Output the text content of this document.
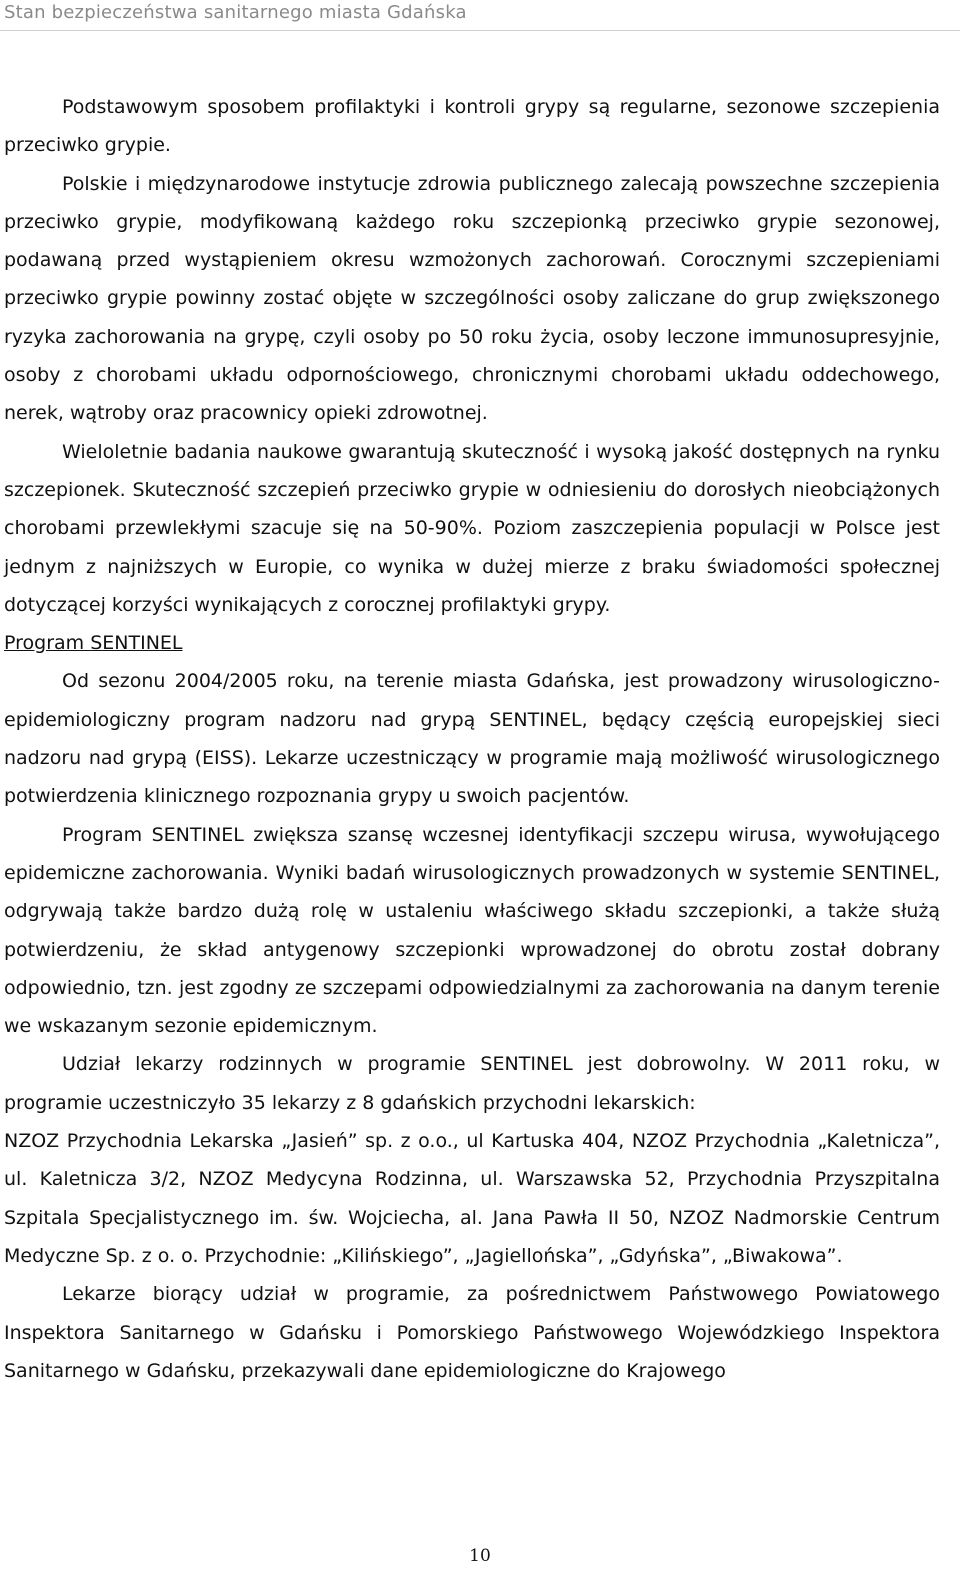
Stan bezpieczeństwa sanitarnego miasta Gdańska

Podstawowym sposobem profilaktyki i kontroli grypy są regularne, sezonowe szczepienia przeciwko grypie.

Polskie i międzynarodowe instytucje zdrowia publicznego zalecają powszechne szczepienia przeciwko grypie, modyfikowaną każdego roku szczepionką przeciwko grypie sezonowej, podawaną przed wystąpieniem okresu wzmożonych zachorowań. Corocznymi szczepieniami przeciwko grypie powinny zostać objęte w szczególności osoby zaliczane do grup zwiększonego ryzyka zachorowania na grypę, czyli osoby po 50 roku życia, osoby leczone immunosupresyjnie, osoby z chorobami układu odpornościowego, chronicznymi chorobami układu oddechowego, nerek, wątroby oraz pracownicy opieki zdrowotnej.

Wieloletnie badania naukowe gwarantują skuteczność i wysoką jakość dostępnych na rynku szczepionek. Skuteczność szczepień przeciwko grypie w odniesieniu do dorosłych nieobciążonych chorobami przewlekłymi szacuje się na 50-90%. Poziom zaszczepienia populacji w Polsce jest jednym z najniższych w Europie, co wynika w dużej mierze z braku świadomości społecznej dotyczącej korzyści wynikających z corocznej profilaktyki grypy.

Program SENTINEL

Od sezonu 2004/2005 roku, na terenie miasta Gdańska, jest prowadzony wirusologiczno-epidemiologiczny program nadzoru nad grypą SENTINEL, będący częścią europejskiej sieci nadzoru nad grypą (EISS). Lekarze uczestniczący w programie mają możliwość wirusologicznego potwierdzenia klinicznego rozpoznania grypy u swoich pacjentów.

Program SENTINEL zwiększa szansę wczesnej identyfikacji szczepu wirusa, wywołującego epidemiczne zachorowania. Wyniki badań wirusologicznych prowadzonych w systemie SENTINEL, odgrywają także bardzo dużą rolę w ustaleniu właściwego składu szczepionki, a także służą potwierdzeniu, że skład antygenowy szczepionki wprowadzonej do obrotu został dobrany odpowiednio, tzn. jest zgodny ze szczepami odpowiedzialnymi za zachorowania na danym terenie we wskazanym sezonie epidemicznym.

Udział lekarzy rodzinnych w programie SENTINEL jest dobrowolny. W 2011 roku, w programie uczestniczyło 35 lekarzy z 8 gdańskich przychodni lekarskich:

NZOZ Przychodnia Lekarska „Jasień” sp. z o.o., ul Kartuska 404, NZOZ Przychodnia „Kaletnicza”, ul. Kaletnicza 3/2, NZOZ Medycyna Rodzinna, ul. Warszawska 52, Przychodnia Przyszpitalna Szpitala Specjalistycznego im. św. Wojciecha, al. Jana Pawła II 50, NZOZ Nadmorskie Centrum Medyczne Sp. z o. o. Przychodnie: „Kilińskiego”, „Jagiellońska”, „Gdyńska”, „Biwakowa”.

Lekarze biorący udział w programie, za pośrednictwem Państwowego Powiatowego Inspektora Sanitarnego w Gdańsku i Pomorskiego Państwowego Wojewódzkiego Inspektora Sanitarnego w Gdańsku, przekazywali dane epidemiologiczne do Krajowego

10
